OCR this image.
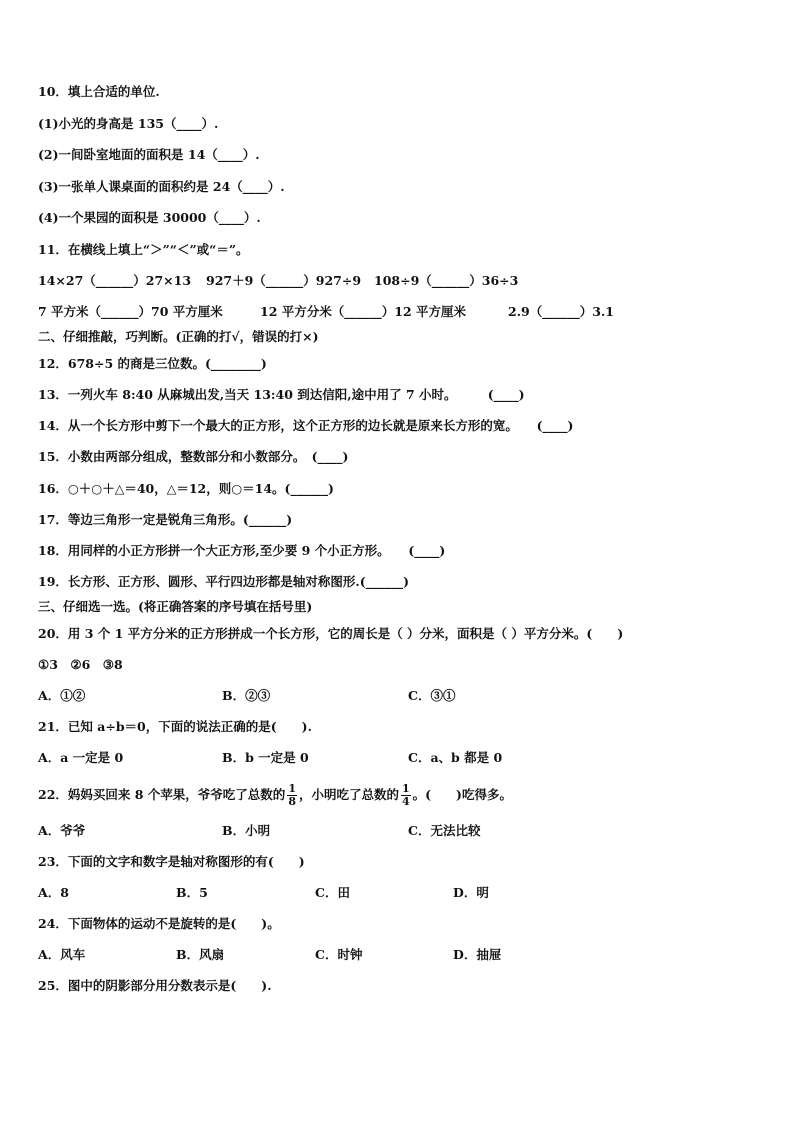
10．填上合适的单位.
(1)小光的身高是 135（____）.
(2)一间卧室地面的面积是 14（____）.
(3)一张单人课桌面的面积约是 24（____）.
(4)一个果园的面积是 30000（____）.
11．在横线上填上“＞”“＜”或“＝”。
14×27（______）27×13 927＋9（______）927÷9 108÷9（______）36÷3
7 平方米（______）70 平方厘米	12 平方分米（______）12 平方厘米	2.9（______）3.1
二、仔细推敲，巧判断。(正确的打√，错误的打×)
12．678÷5 的商是三位数。(________)
13．一列火车 8:40 从麻城出发,当天 13:40 到达信阳,途中用了 7 小时。　　　(____)
14．从一个长方形中剪下一个最大的正方形，这个正方形的边长就是原来长方形的宽。　　(____)
15．小数由两部分组成，整数部分和小数部分。　(____)
16．○＋○＋△＝40，△＝12，则○＝14。(______)
17．等边三角形一定是锐角三角形。(______)
18．用同样的小正方形拼一个大正方形,至少要 9 个小正方形。　　(____)
19．长方形、正方形、圆形、平行四边形都是轴对称图形.(______)
三、仔细选一选。(将正确答案的序号填在括号里)
20．用 3 个 1 平方分米的正方形拼成一个长方形，它的周长是（ ）分米，面积是（ ）平方分米。(　　)
①3　②6　③8
A．①②	B．②③	C．③①
21．已知 a÷b＝0，下面的说法正确的是(　　).
A．a 一定是 0	B．b 一定是 0	C．a、b 都是 0
22．妈妈买回来 8 个苹果，爷爷吃了总数的 $\frac{1}{8}$ ，小明吃了总数的 $\frac{1}{4}$ 。(　　)吃得多。
A．爷爷	B．小明	C．无法比较
23．下面的文字和数字是轴对称图形的有(　　)
A．8	B．5	C．田	D．明
24．下面物体的运动不是旋转的是(　　)。
A．风车	B．风扇	C．时钟	D．抽屉
25．图中的阴影部分用分数表示是(　　).
